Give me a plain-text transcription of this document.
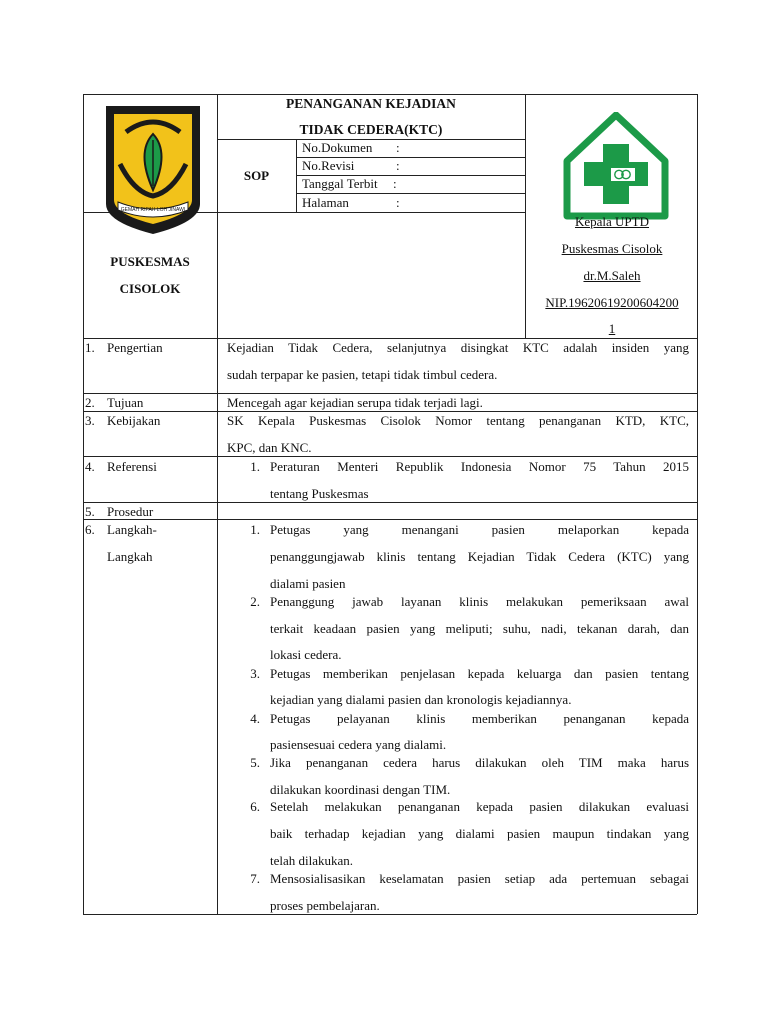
GEMAH RIPAH LOH JINAWI
PENANGANAN KEJADIAN
TIDAK CEDERA(KTC)
SOP
No.Dokumen :
No.Revisi	:
Tanggal Terbit :
Halaman	:
PUSKESMAS
CISOLOK
Kepala UPTD
Puskesmas Cisolok
dr.M.Saleh
NIP.19620619200604200
1
1. Pengertian	Kejadian Tidak Cedera, selanjutnya disingkat KTC adalah insiden yang
sudah terpapar ke pasien, tetapi tidak timbul cedera.
2. Tujuan	Mencegah agar kejadian serupa tidak terjadi lagi.
3. Kebijakan	SK Kepala Puskesmas Cisolok Nomor tentang penanganan KTD, KTC,
KPC, dan KNC.
4. Referensi	1. Peraturan Menteri Republik Indonesia Nomor 75 Tahun 2015
tentang Puskesmas
5. Prosedur
6. Langkah-
Langkah
1. Petugas yang menangani pasien melaporkan kepada
penanggungjawab klinis tentang Kejadian Tidak Cedera (KTC) yang
dialami pasien
2. Penanggung jawab layanan klinis melakukan pemeriksaan awal
terkait keadaan pasien yang meliputi; suhu, nadi, tekanan darah, dan
lokasi cedera.
3. Petugas memberikan penjelasan kepada keluarga dan pasien tentang
kejadian yang dialami pasien dan kronologis kejadiannya.
4. Petugas pelayanan klinis memberikan penanganan kepada
pasiensesuai cedera yang dialami.
5. Jika penanganan cedera harus dilakukan oleh TIM maka harus
dilakukan koordinasi dengan TIM.
6. Setelah melakukan penanganan kepada pasien dilakukan evaluasi
baik terhadap kejadian yang dialami pasien maupun tindakan yang
telah dilakukan.
7. Mensosialisasikan keselamatan pasien setiap ada pertemuan sebagai
proses pembelajaran.
